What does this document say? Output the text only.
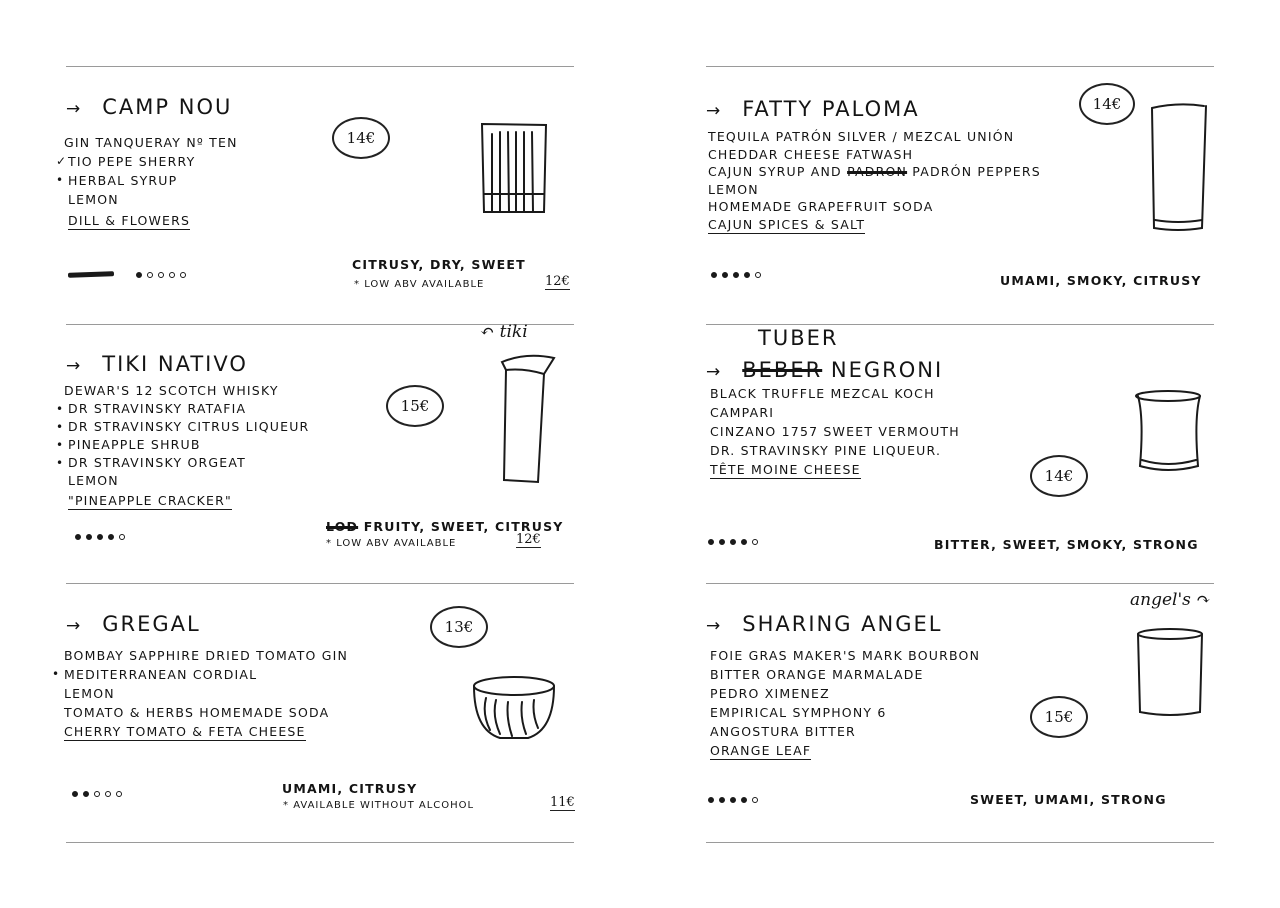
→ CAMP NOU
GIN TANQUERAY Nº TEN
✓ TIO PEPE SHERRY
• HERBAL SYRUP
LEMON
DILL & FLOWERS
14€
CITRUSY, DRY, SWEET
* LOW ABV AVAILABLE	12€
→ FATTY PALOMA	14€
TEQUILA PATRÓN SILVER / MEZCAL UNIÓN
CHEDDAR CHEESE FATWASH
CAJUN SYRUP AND PADRON PADRÓN PEPPERS
LEMON
HOMEMADE GRAPEFRUIT SODA
CAJUN SPICES & SALT
UMAMI, SMOKY, CITRUSY
→ TIKI NATIVO
DEWAR'S 12 SCOTCH WHISKY
• DR STRAVINSKY RATAFIA
• DR STRAVINSKY CITRUS LIQUEUR
• PINEAPPLE SHRUB
• DR STRAVINSKY ORGEAT
LEMON
"PINEAPPLE CRACKER"
15€
↶ tiki
LOD FRUITY, SWEET, CITRUSY
* LOW ABV AVAILABLE	12€
TUBER
→ BEBER NEGRONI
BLACK TRUFFLE MEZCAL KOCH
CAMPARI
CINZANO 1757 SWEET VERMOUTH
DR. STRAVINSKY PINE LIQUEUR.
TÊTE MOINE CHEESE	14€
BITTER, SWEET, SMOKY, STRONG
→ GREGAL	13€
BOMBAY SAPPHIRE DRIED TOMATO GIN
• MEDITERRANEAN CORDIAL
LEMON
TOMATO & HERBS HOMEMADE SODA
CHERRY TOMATO & FETA CHEESE
UMAMI, CITRUSY
* AVAILABLE WITHOUT ALCOHOL	11€
→ SHARING ANGEL
angel's ↷
FOIE GRAS MAKER'S MARK BOURBON
BITTER ORANGE MARMALADE
PEDRO XIMENEZ
EMPIRICAL SYMPHONY 6
ANGOSTURA BITTER
ORANGE LEAF
15€
SWEET, UMAMI, STRONG
